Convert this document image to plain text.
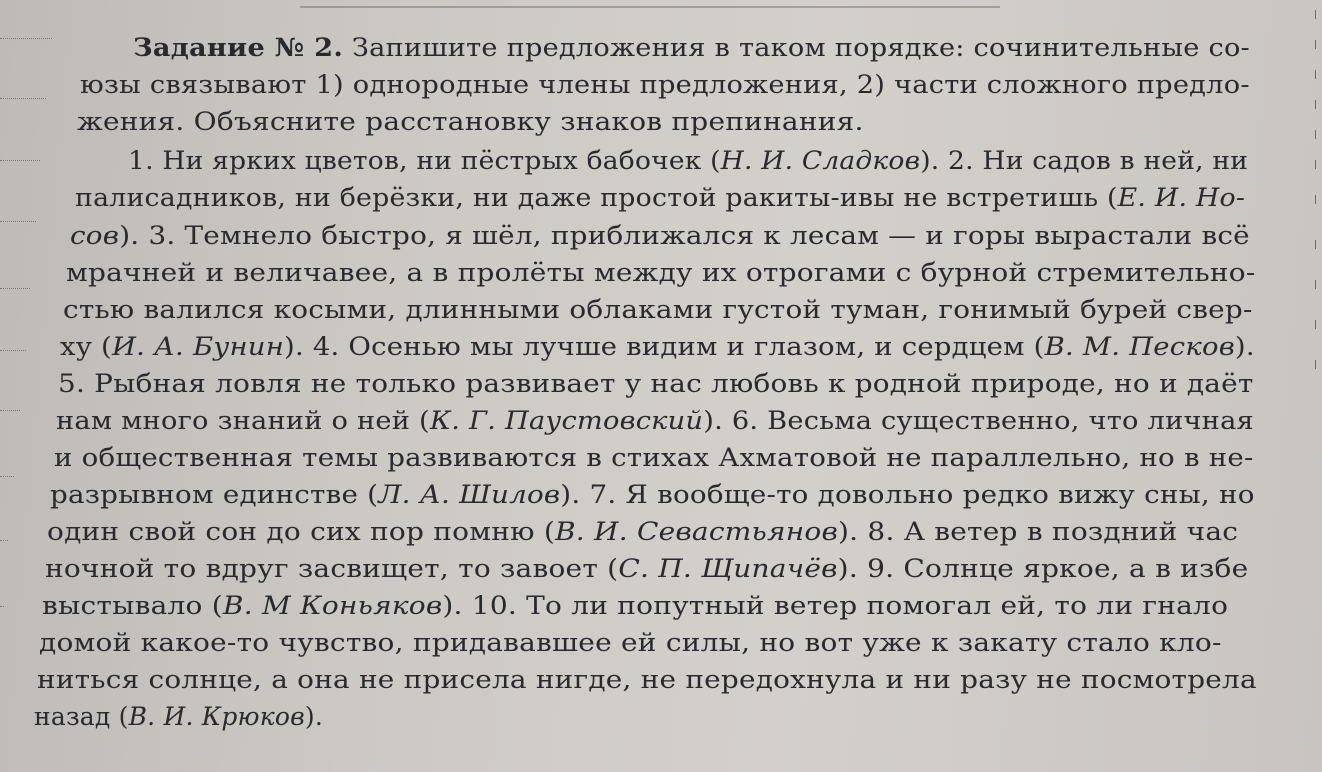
Задание № 2. Запишите предложения в таком порядке: сочинительные со-
юзы связывают 1) однородные члены предложения, 2) части сложного предло-
жения. Объясните расстановку знаков препинания.
1. Ни ярких цветов, ни пёстрых бабочек (Н. И. Сладков). 2. Ни садов в ней, ни
палисадников, ни берёзки, ни даже простой ракиты-ивы не встретишь (Е. И. Но-
сов). 3. Темнело быстро, я шёл, приближался к лесам — и горы вырастали всё
мрачней и величавее, а в пролёты между их отрогами с бурной стремительно-
стью валился косыми, длинными облаками густой туман, гонимый бурей свер-
ху (И. А. Бунин). 4. Осенью мы лучше видим и глазом, и сердцем (В. М. Песков).
5. Рыбная ловля не только развивает у нас любовь к родной природе, но и даёт
нам много знаний о ней (К. Г. Паустовский). 6. Весьма существенно, что личная
и общественная темы развиваются в стихах Ахматовой не параллельно, но в не-
разрывном единстве (Л. А. Шилов). 7. Я вообще-то довольно редко вижу сны, но
один свой сон до сих пор помню (В. И. Севастьянов). 8. А ветер в поздний час
ночной то вдруг засвищет, то завоет (С. П. Щипачёв). 9. Солнце яркое, а в избе
выстывало (В. М Коньяков). 10. То ли попутный ветер помогал ей, то ли гнало
домой какое-то чувство, придававшее ей силы, но вот уже к закату стало кло-
ниться солнце, а она не присела нигде, не передохнула и ни разу не посмотрела
назад (В. И. Крюков).
